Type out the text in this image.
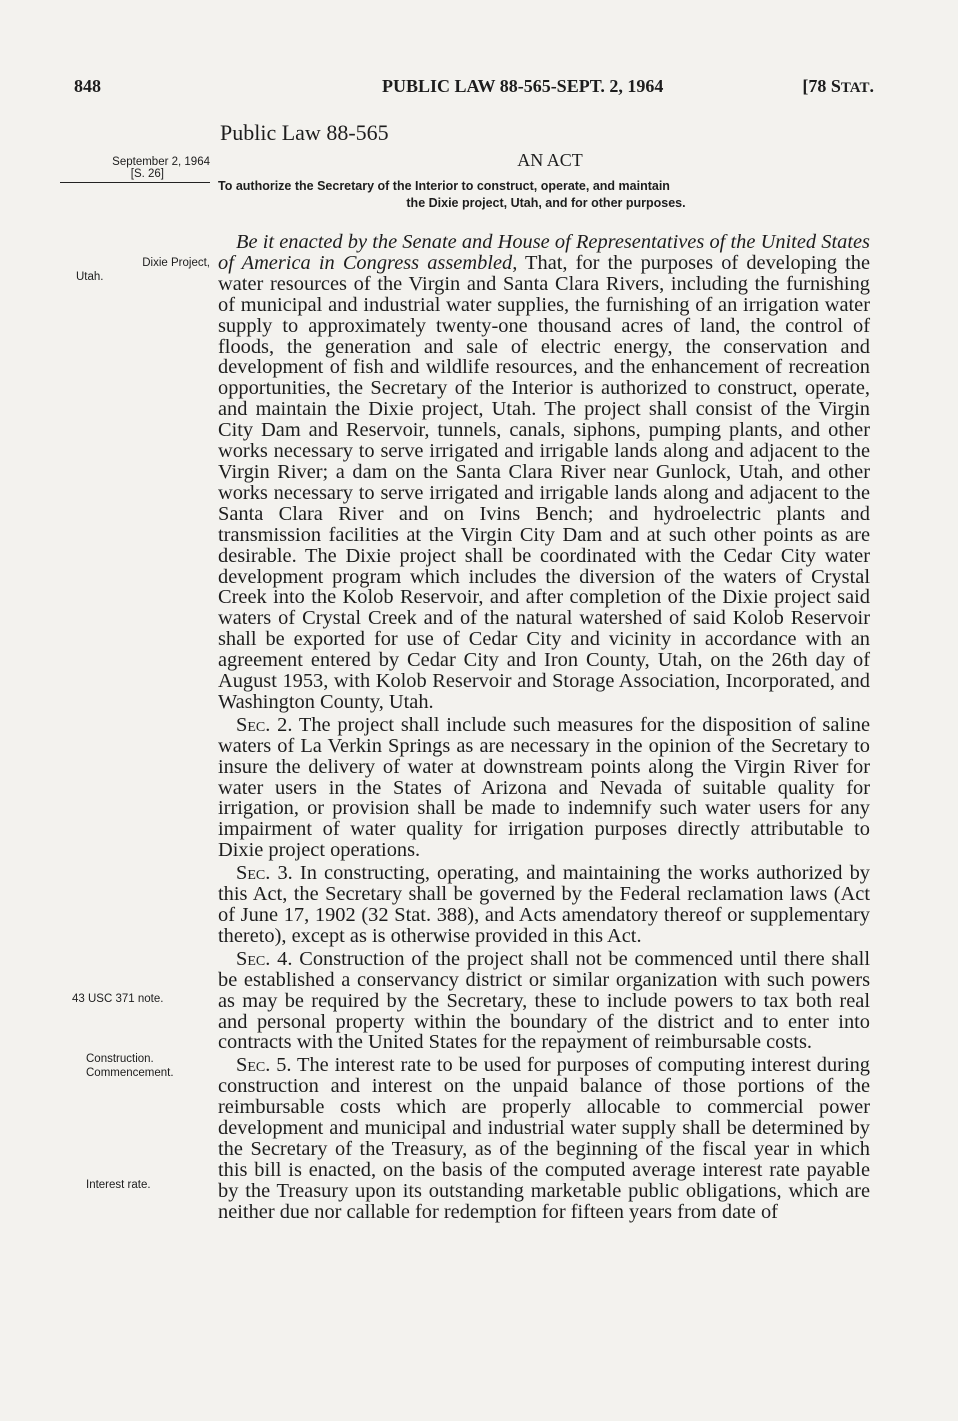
848	PUBLIC LAW 88-565-SEPT. 2, 1964	[78 STAT.
Public Law 88-565
AN ACT
September 2, 1964
[S. 26]
To authorize the Secretary of the Interior to construct, operate, and maintain
the Dixie project, Utah, and for other purposes.
Dixie Project,
Utah.
43 USC 371 note.
Construction.
Commencement.
Interest rate.

Be it enacted by the Senate and House of Representatives of the United States of America in Congress assembled, That, for the purposes of developing the water resources of the Virgin and Santa Clara Rivers, including the furnishing of municipal and industrial water supplies, the furnishing of an irrigation water supply to approximately twenty-one thousand acres of land, the control of floods, the generation and sale of electric energy, the conservation and development of fish and wildlife resources, and the enhancement of recreation opportunities, the Secretary of the Interior is authorized to construct, operate, and maintain the Dixie project, Utah. The project shall consist of the Virgin City Dam and Reservoir, tunnels, canals, siphons, pumping plants, and other works necessary to serve irrigated and irrigable lands along and adjacent to the Virgin River; a dam on the Santa Clara River near Gunlock, Utah, and other works necessary to serve irrigated and irrigable lands along and adjacent to the Santa Clara River and on Ivins Bench; and hydroelectric plants and transmission facilities at the Virgin City Dam and at such other points as are desirable. The Dixie project shall be coordinated with the Cedar City water development program which includes the diversion of the waters of Crystal Creek into the Kolob Reservoir, and after completion of the Dixie project said waters of Crystal Creek and of the natural watershed of said Kolob Reservoir shall be exported for use of Cedar City and vicinity in accordance with an agreement entered by Cedar City and Iron County, Utah, on the 26th day of August 1953, with Kolob Reservoir and Storage Association, Incorporated, and Washington County, Utah.

Sec. 2. The project shall include such measures for the disposition of saline waters of La Verkin Springs as are necessary in the opinion of the Secretary to insure the delivery of water at downstream points along the Virgin River for water users in the States of Arizona and Nevada of suitable quality for irrigation, or provision shall be made to indemnify such water users for any impairment of water quality for irrigation purposes directly attributable to Dixie project operations.

Sec. 3. In constructing, operating, and maintaining the works authorized by this Act, the Secretary shall be governed by the Federal reclamation laws (Act of June 17, 1902 (32 Stat. 388), and Acts amendatory thereof or supplementary thereto), except as is otherwise provided in this Act.

Sec. 4. Construction of the project shall not be commenced until there shall be established a conservancy district or similar organization with such powers as may be required by the Secretary, these to include powers to tax both real and personal property within the boundary of the district and to enter into contracts with the United States for the repayment of reimbursable costs.

Sec. 5. The interest rate to be used for purposes of computing interest during construction and interest on the unpaid balance of those portions of the reimbursable costs which are properly allocable to commercial power development and municipal and industrial water supply shall be determined by the Secretary of the Treasury, as of the beginning of the fiscal year in which this bill is enacted, on the basis of the computed average interest rate payable by the Treasury upon its outstanding marketable public obligations, which are neither due nor callable for redemption for fifteen years from date of
